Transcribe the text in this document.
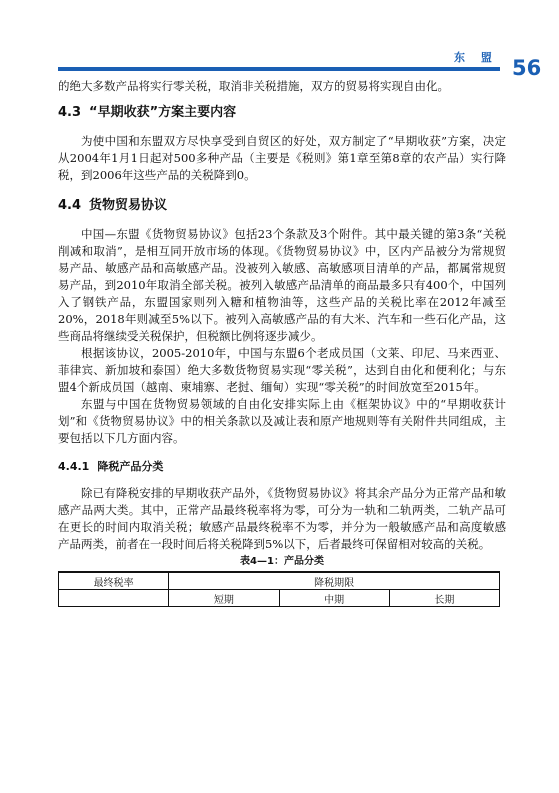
东 盟 56

的绝大多数产品将实行零关税，取消非关税措施，双方的贸易将实现自由化。

4.3 “早期收获”方案主要内容

为使中国和东盟双方尽快享受到自贸区的好处，双方制定了“早期收获”方案，决定从2004年1月1日起对500多种产品（主要是《税则》第1章至第8章的农产品）实行降税，到2006年这些产品的关税降到0。

4.4 货物贸易协议

中国—东盟《货物贸易协议》包括23个条款及3个附件。其中最关键的第3条“关税削减和取消”，是相互同开放市场的体现。《货物贸易协议》中，区内产品被分为常规贸易产品、敏感产品和高敏感产品。没被列入敏感、高敏感项目清单的产品，都属常规贸易产品，到2010年取消全部关税。被列入敏感产品清单的商品最多只有400个，中国列入了钢铁产品，东盟国家则列入糖和植物油等，这些产品的关税比率在2012年减至20%，2018年则减至5%以下。被列入高敏感产品的有大米、汽车和一些石化产品，这些商品将继续受关税保护，但税额比例将逐步减少。

根据该协议，2005-2010年，中国与东盟6个老成员国（文莱、印尼、马来西亚、菲律宾、新加坡和泰国）绝大多数货物贸易实现“零关税”，达到自由化和便利化；与东盟4个新成员国（越南、柬埔寨、老挝、缅甸）实现“零关税”的时间放宽至2015年。

东盟与中国在货物贸易领域的自由化安排实际上由《框架协议》中的“早期收获计划”和《货物贸易协议》中的相关条款以及减让表和原产地规则等有关附件共同组成，主要包括以下几方面内容。

4.4.1 降税产品分类

除已有降税安排的早期收获产品外，《货物贸易协议》将其余产品分为正常产品和敏感产品两大类。其中，正常产品最终税率将为零，可分为一轨和二轨两类，二轨产品可在更长的时间内取消关税；敏感产品最终税率不为零，并分为一般敏感产品和高度敏感产品两类，前者在一段时间后将关税降到5%以下，后者最终可保留相对较高的关税。

表4—1：产品分类
最终税率	降税期限		
	短期	中期	长期
